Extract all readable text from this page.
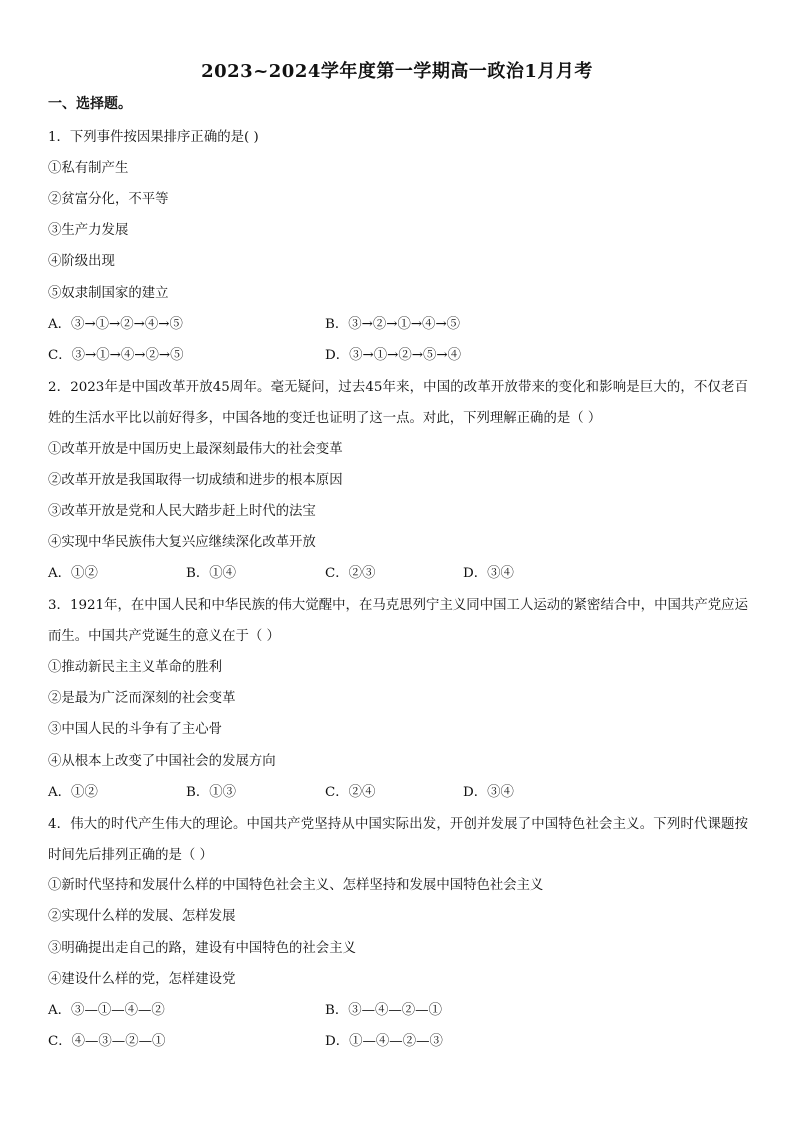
2023~2024学年度第一学期高一政治1月月考
一、选择题。
1．下列事件按因果排序正确的是( )
①私有制产生
②贫富分化，不平等
③生产力发展
④阶级出现
⑤奴隶制国家的建立
A．③→①→②→④→⑤	B．③→②→①→④→⑤
C．③→①→④→②→⑤	D．③→①→②→⑤→④
2．2023年是中国改革开放45周年。毫无疑问，过去45年来，中国的改革开放带来的变化和影响是巨大的，不仅老百姓的生活水平比以前好得多，中国各地的变迁也证明了这一点。对此，下列理解正确的是（ ）
①改革开放是中国历史上最深刻最伟大的社会变革
②改革开放是我国取得一切成绩和进步的根本原因
③改革开放是党和人民大踏步赶上时代的法宝
④实现中华民族伟大复兴应继续深化改革开放
A．①②	B．①④	C．②③	D．③④
3．1921年，在中国人民和中华民族的伟大觉醒中，在马克思列宁主义同中国工人运动的紧密结合中，中国共产党应运而生。中国共产党诞生的意义在于（ ）
①推动新民主主义革命的胜利
②是最为广泛而深刻的社会变革
③中国人民的斗争有了主心骨
④从根本上改变了中国社会的发展方向
A．①②	B．①③	C．②④	D．③④
4．伟大的时代产生伟大的理论。中国共产党坚持从中国实际出发，开创并发展了中国特色社会主义。下列时代课题按时间先后排列正确的是（ ）
①新时代坚持和发展什么样的中国特色社会主义、怎样坚持和发展中国特色社会主义
②实现什么样的发展、怎样发展
③明确提出走自己的路，建设有中国特色的社会主义
④建设什么样的党，怎样建设党
A．③—①—④—②	B．③—④—②—①
C．④—③—②—①	D．①—④—②—③
